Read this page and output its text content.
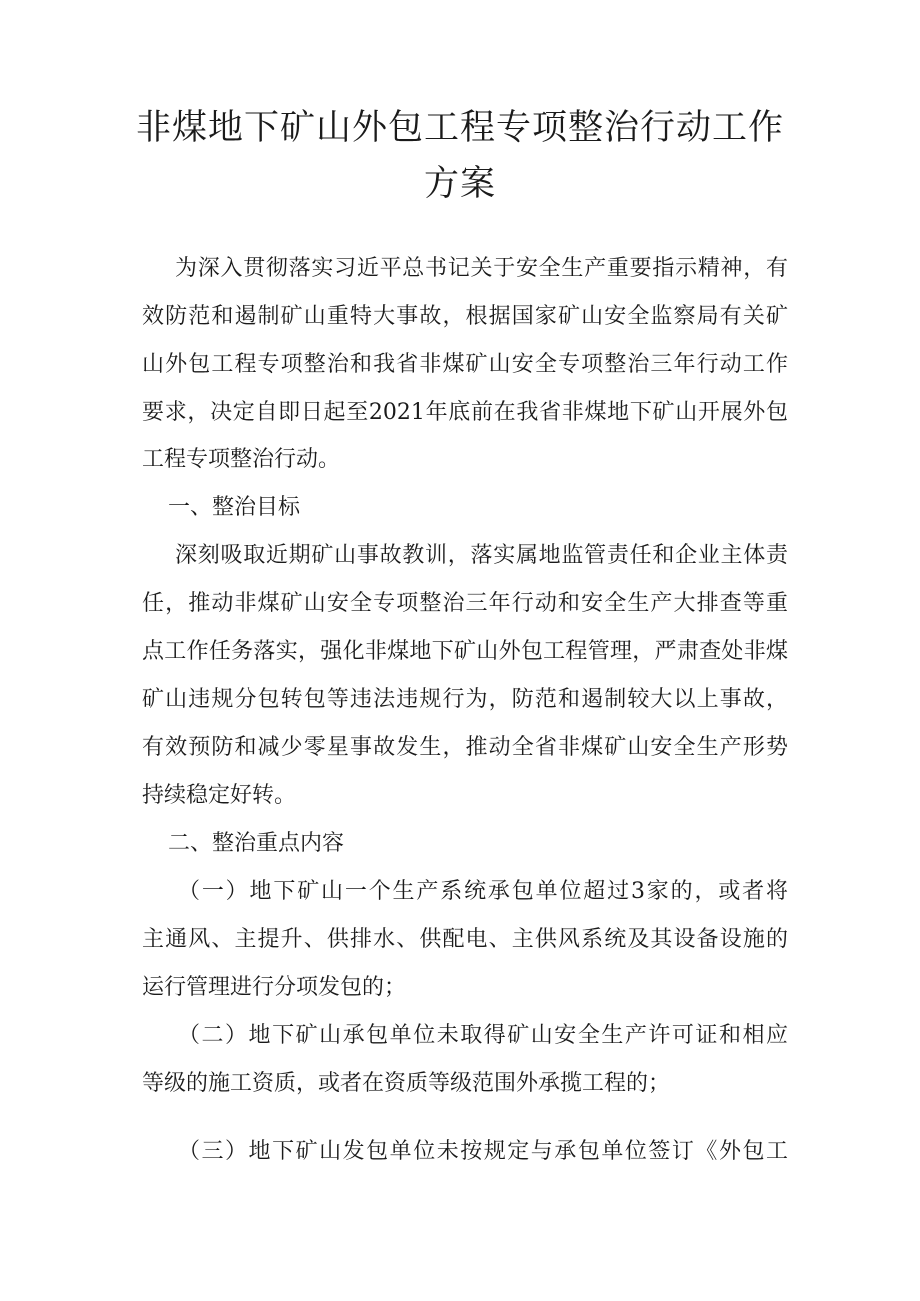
非煤地下矿山外包工程专项整治行动工作
方案
为深入贯彻落实习近平总书记关于安全生产重要指示精神，有
效防范和遏制矿山重特大事故，根据国家矿山安全监察局有关矿
山外包工程专项整治和我省非煤矿山安全专项整治三年行动工作
要求，决定自即日起至2021年底前在我省非煤地下矿山开展外包
工程专项整治行动。
一、整治目标
深刻吸取近期矿山事故教训，落实属地监管责任和企业主体责
任，推动非煤矿山安全专项整治三年行动和安全生产大排查等重
点工作任务落实，强化非煤地下矿山外包工程管理，严肃查处非煤
矿山违规分包转包等违法违规行为，防范和遏制较大以上事故，
有效预防和减少零星事故发生，推动全省非煤矿山安全生产形势
持续稳定好转。
二、整治重点内容
（一）地下矿山一个生产系统承包单位超过3家的，或者将
主通风、主提升、供排水、供配电、主供风系统及其设备设施的
运行管理进行分项发包的；
（二）地下矿山承包单位未取得矿山安全生产许可证和相应
等级的施工资质，或者在资质等级范围外承揽工程的；
（三）地下矿山发包单位未按规定与承包单位签订《外包工
